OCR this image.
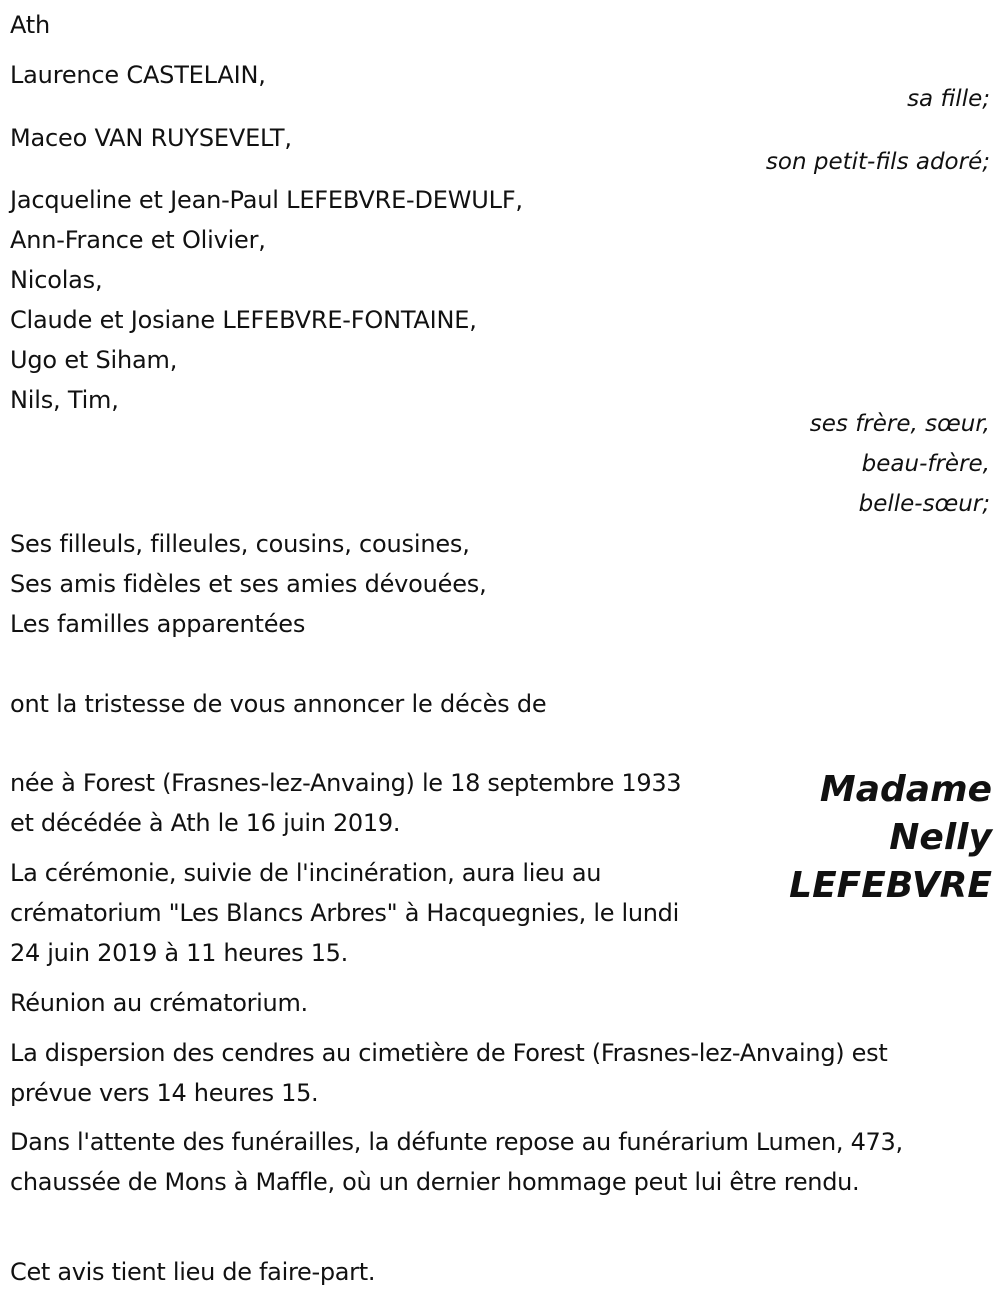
Ath
Laurence CASTELAIN,
sa fille;
Maceo VAN RUYSEVELT,
son petit-fils adoré;
Jacqueline et Jean-Paul LEFEBVRE-DEWULF,
Ann-France et Olivier,
Nicolas,
Claude et Josiane LEFEBVRE-FONTAINE,
Ugo et Siham,
Nils, Tim,
ses frère, sœur,
beau-frère,
belle-sœur;
Ses filleuls, filleules, cousins, cousines,
Ses amis fidèles et ses amies dévouées,
Les familles apparentées
ont la tristesse de vous annoncer le décès de
Madame
Nelly
LEFEBVRE
née à Forest (Frasnes-lez-Anvaing) le 18 septembre 1933 et décédée à Ath le 16 juin 2019.
La cérémonie, suivie de l'incinération, aura lieu au crématorium "Les Blancs Arbres" à Hacquegnies, le lundi 24 juin 2019 à 11 heures 15.
Réunion au crématorium.
La dispersion des cendres au cimetière de Forest (Frasnes-lez-Anvaing) est prévue vers 14 heures 15.
Dans l'attente des funérailles, la défunte repose au funérarium Lumen, 473, chaussée de Mons à Maffle, où un dernier hommage peut lui être rendu.
Cet avis tient lieu de faire-part.
